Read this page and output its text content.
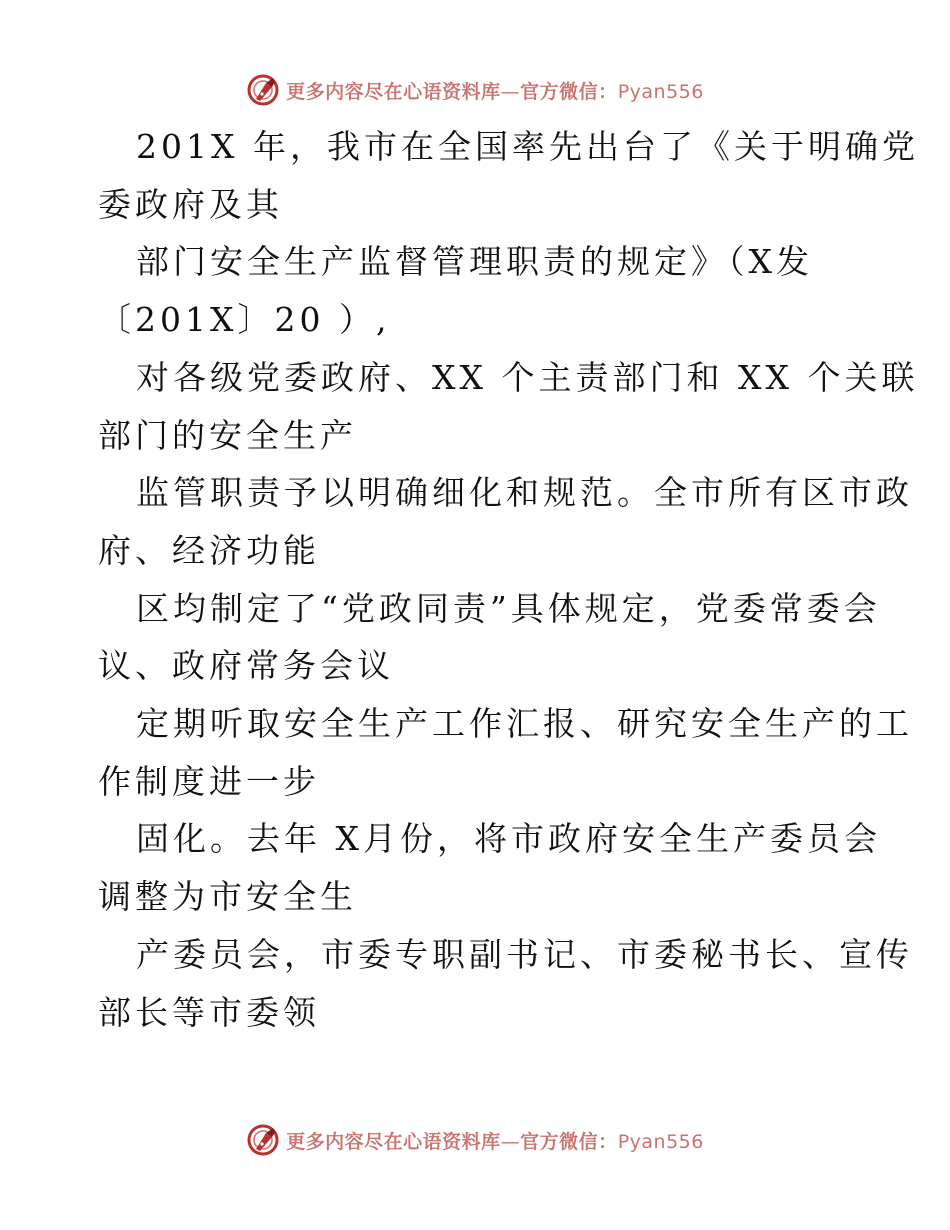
更多内容尽在心语资料库—官方微信：Pyan556

201X 年，我市在全国率先出台了《关于明确党
委政府及其

部门安全生产监督管理职责的规定》（X发
〔201X〕20 ）,

对各级党委政府、XX 个主责部门和 XX 个关联
部门的安全生产

监管职责予以明确细化和规范。全市所有区市政
府、经济功能

区均制定了“党政同责”具体规定，党委常委会
议、政府常务会议

定期听取安全生产工作汇报、研究安全生产的工
作制度进一步

固化。去年 X月份，将市政府安全生产委员会
调整为市安全生

产委员会，市委专职副书记、市委秘书长、宣传
部长等市委领

更多内容尽在心语资料库—官方微信：Pyan556
